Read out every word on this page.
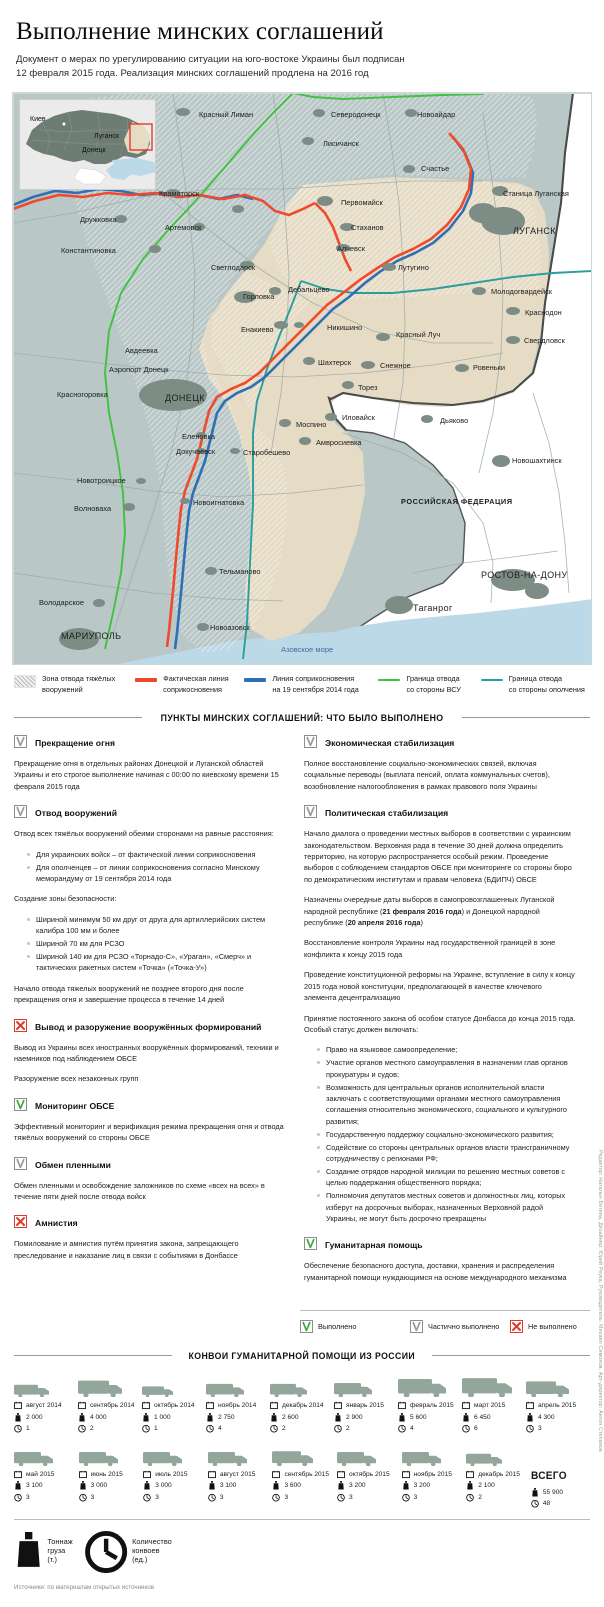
Выполнение минских соглашений
Документ о мерах по урегулированию ситуации на юго-востоке Украины был подписан
12 февраля 2015 года. Реализация минских соглашений продлена на 2016 год
Киев
Луганск
Донецк
Красный Лиман	Северодонецк	Новоайдар
Лисичанск
Счастье
Краматорск
Дружковка
Артемовск
Константиновка
Светлодарск
Горловка
Авдеевка
Аэропорт Донецк
Красногоровка
Новотроицкое
Волноваха
Володарское
Станица Луганская
Первомайск
Стаханов
Алчевск
Лутугино
Молодогвардейск
Дебальцево
Никишино
Красный Луч
Краснодон
Свердловск
Шахтерск	Снежное	Ровеньки
Торез
Енакиево
Иловайск
Моспино	Дьяково
Амвросиевка
Еленовка
Докучаевск	Старобешево
Новоигнатовка
Тельманово
Новоазовск
Новошахтинск
ДОНЕЦК
ЛУГАНСК
МАРИУПОЛЬ
РОСТОВ-НА-ДОНУ
Таганрог
РОССИЙСКАЯ ФЕДЕРАЦИЯ
Азовское море
Зона отвода тяжёлых
вооружений
Фактическая линия
соприкосновения
Линия соприкосновения
на 19 сентября 2014 года
Граница отвода
со стороны ВСУ
Граница отвода
со стороны ополчения
ПУНКТЫ МИНСКИХ СОГЛАШЕНИЙ: ЧТО БЫЛО ВЫПОЛНЕНО
Прекращение огня

Прекращение огня в отдельных районах Донецкой и Луганской областей Украины и его строгое выполнение начиная с 00:00 по киевскому времени 15 февраля 2015 года

Отвод вооружений

Отвод всех тяжёлых вооружений обеими сторонами на равные расстояния:

Для украинских войск – от фактической линии соприкосновения
Для ополченцев – от линии соприкосновения согласно Минскому меморандуму от 19 сентября 2014 года

Создание зоны безопасности:

Шириной минимум 50 км друг от друга для артиллерийских систем калибра 100 мм и более
Шириной 70 км для РСЗО
Шириной 140 км для РСЗО «Торнадо-С», «Ураган», «Смерч» и тактических ракетных систем «Точка» («Точка-У»)

Начало отвода тяжелых вооружений не позднее второго дня после прекращения огня и завершение процесса в течение 14 дней

Вывод и разоружение вооружённых формирований

Вывод из Украины всех иностранных вооружённых формирований, техники и наемников под наблюдением ОБСЕ

Разоружение всех незаконных групп

Мониторинг ОБСЕ

Эффективный мониторинг и верификация режима прекращения огня и отвода тяжёлых вооружений со стороны ОБСЕ

Обмен пленными

Обмен пленными и освобождение заложников по схеме «всех на всех» в течение пяти дней после отвода войск

Амнистия

Помилование и амнистия путём принятия закона, запрещающего преследование и наказание лиц в связи с событиями в Донбассе

Экономическая стабилизация

Полное восстановление социально-экономических связей, включая социальные переводы (выплата пенсий, оплата коммунальных счетов), возобновление налогообложения в рамках правового поля Украины

Политическая стабилизация

Начало диалога о проведении местных выборов в соответствии с украинским законодательством. Верховная рада в течение 30 дней должна определить территорию, на которую распространяется особый режим. Проведение выборов с соблюдением стандартов ОБСЕ при мониторинге со стороны бюро по демократическим институтам и правам человека (БДИПЧ) ОБСЕ

Назначены очередные даты выборов в самопровозглашенных Луганской народной республике (21 февраля 2016 года) и Донецкой народной республике (20 апреля 2016 года)

Восстановление контроля Украины над государственной границей в зоне конфликта к концу 2015 года

Проведение конституционной реформы на Украине, вступление в силу к концу 2015 года новой конституции, предполагающей в качестве ключевого элемента децентрализацию

Принятие постоянного закона об особом статусе Донбасса до конца 2015 года. Особый статус должен включать:

Право на языковое самоопределение;
Участие органов местного самоуправления в назначении глав органов прокуратуры и судов;
Возможность для центральных органов исполнительной власти заключать с соответствующими органами местного самоуправления соглашения относительно экономического, социального и культурного развития;
Государственную поддержку социально-экономического развития;
Содействие со стороны центральных органов власти трансграничному сотрудничеству с регионами РФ;
Создание отрядов народной милиции по решению местных советов с целью поддержания общественного порядка;
Полномочия депутатов местных советов и должностных лиц, которых изберут на досрочных выборах, назначенных Верховной радой Украины, не могут быть досрочно прекращены
Гуманитарная помощь

Обеспечение безопасного доступа, доставки, хранения и распределения гуманитарной помощи нуждающимся на основе международного механизма

Выполнено	Частично выполнено	Не выполнено
КОНВОИ ГУМАНИТАРНОЙ ПОМОЩИ ИЗ РОССИИ
август 2014
2 000
1
сентябрь 2014
4 000
2
октябрь 2014
1 000
1
ноябрь 2014
2 750
4
декабрь 2014
2 600
2
январь 2015
2 900
2
февраль 2015
5 600
4
март 2015
6 450
6
апрель 2015
4 300
3
май 2015
3 100
3
июнь 2015
3 000
3
июль 2015
3 000
3
август 2015
3 100
3
сентябрь 2015
3 600
3
октябрь 2015
3 200
3
ноябрь 2015
3 200
3
декабрь 2015
2 100
2
ВСЕГО
55 900
48
Тоннаж груза (т.)
Количество конвоев (ед.)
Источники: по материалам открытых источников
Редактор: Наталья Бетина, Дизайнер: Юрий Реука, Руководитель: Михаил Симонов, Арт-директор: Антон Степанов
